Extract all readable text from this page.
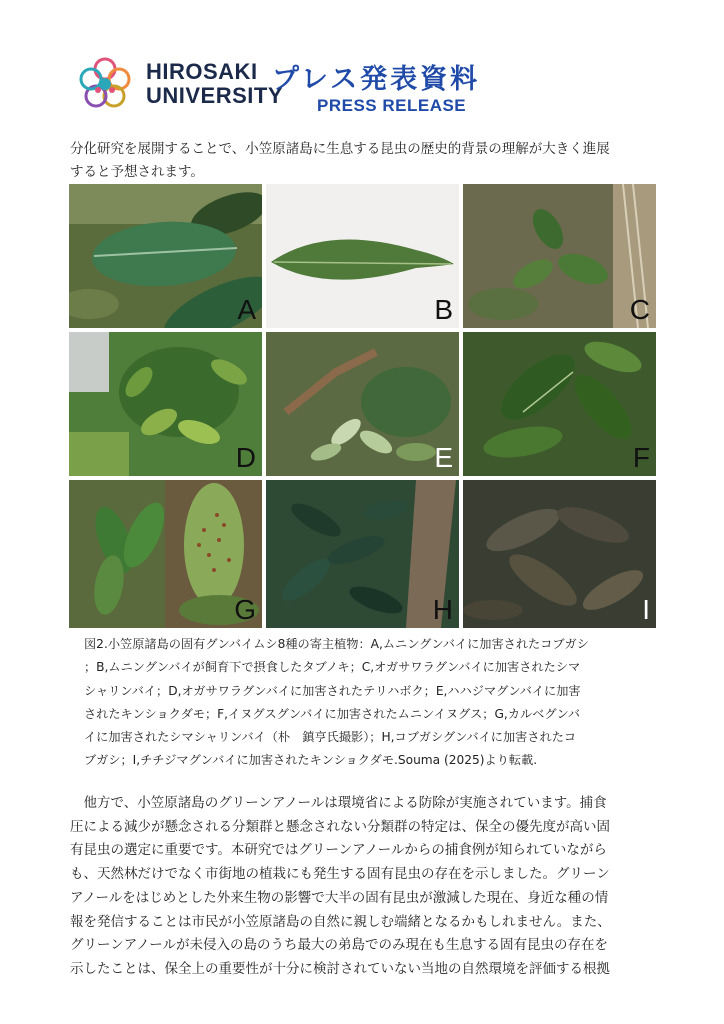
HIROSAKI
UNIVERSITY
プレス発表資料
PRESS RELEASE
分化研究を展開することで、小笠原諸島に生息する昆虫の歴史的背景の理解が大きく進展
すると予想されます。
A	B	C
D	E	F
G	H	I
図2.小笠原諸島の固有グンバイムシ8種の寄主植物：A,ムニングンバイに加害されたコブガシ
；B,ムニングンバイが飼育下で摂食したタブノキ；C,オガサワラグンバイに加害されたシマ
シャリンバイ；D,オガサワラグンバイに加害されたテリハボク；E,ハハジマグンバイに加害
されたキンショクダモ；F,イヌグスグンバイに加害されたムニンイヌグス；G,カルベグンバ
イに加害されたシマシャリンバイ（朴　鎮亨氏撮影）；H,コブガシグンバイに加害されたコ
ブガシ；I,チチジマグンバイに加害されたキンショクダモ.Souma (2025)より転載.
　他方で、小笠原諸島のグリーンアノールは環境省による防除が実施されています。捕食
圧による減少が懸念される分類群と懸念されない分類群の特定は、保全の優先度が高い固
有昆虫の選定に重要です。本研究ではグリーンアノールからの捕食例が知られていながら
も、天然林だけでなく市街地の植栽にも発生する固有昆虫の存在を示しました。グリーン
アノールをはじめとした外来生物の影響で大半の固有昆虫が激減した現在、身近な種の情
報を発信することは市民が小笠原諸島の自然に親しむ端緒となるかもしれません。また、
グリーンアノールが未侵入の島のうち最大の弟島でのみ現在も生息する固有昆虫の存在を
示したことは、保全上の重要性が十分に検討されていない当地の自然環境を評価する根拠
